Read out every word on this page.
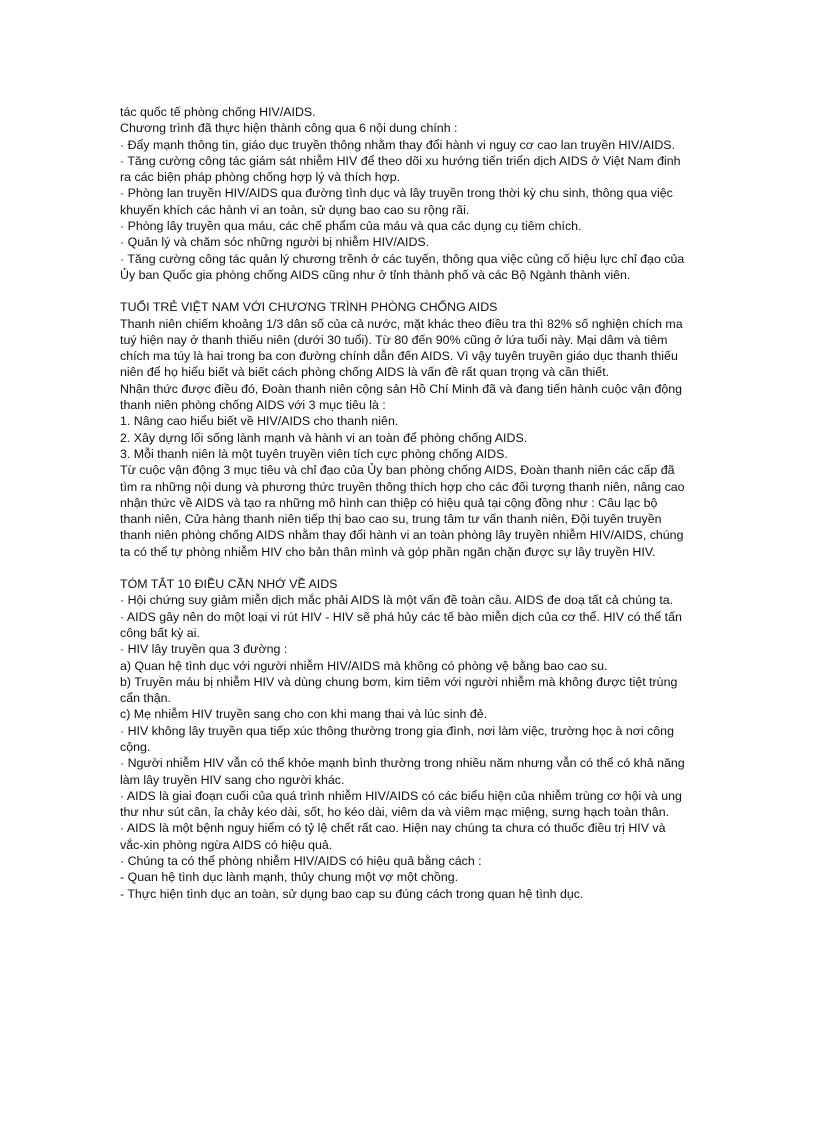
tác quốc tế phòng chống HIV/AIDS.

Chương trình đã thực hiện thành công qua 6 nội dung chính :

· Đẩy mạnh thông tin, giáo dục truyền thông nhằm thay đổi hành vi nguy cơ cao lan truyền HIV/AIDS.

· Tăng cường công tác giám sát nhiễm HIV để theo dõi xu hướng tiến triển dịch AIDS ở Việt Nam đinh ra các biện pháp phòng chống hợp lý và thích hợp.

· Phòng lan truyền HIV/AIDS qua đường tình dục và lây truyền trong thời kỳ chu sinh, thông qua việc khuyến khích các hành vi an toàn, sử dụng bao cao su rộng rãi.

· Phòng lây truyền qua máu, các chế phẩm của máu và qua các dụng cụ tiêm chích.

· Quản lý và chăm sóc những người bị nhiễm HIV/AIDS.

· Tăng cường công tác quản lý chương trềnh ở các tuyến, thông qua việc củng cố hiệu lực chỉ đạo của Ủy ban Quốc gia phòng chống AIDS cũng như ở tỉnh thành phố và các Bộ Ngành thành viên.

TUỔI TRẺ VIỆT NAM VỚI CHƯƠNG TRÌNH PHÒNG CHỐNG AIDS

Thanh niên chiếm khoảng 1/3 dân số của cả nước, mặt khác theo điều tra thì 82% số nghiện chích ma tuý hiện nay ở thanh thiếu niên (dưới 30 tuổi). Từ 80 đến 90% cũng ở lứa tuổi này. Mại dâm và tiêm chích ma túy là hai trong ba con đường chính dẫn đến AIDS. Vì vậy tuyên truyền giáo dục thanh thiếu niên để họ hiểu biết và biết cách phòng chống AIDS là vấn đề rất quan trọng và cần thiết.

Nhận thức được điều đó, Đoàn thanh niên cộng sản Hồ Chí Minh đã và đang tiến hành cuộc vận động thanh niên phòng chống AIDS với 3 mục tiêu là :

1. Nâng cao hiểu biết về HIV/AIDS cho thanh niên.

2. Xây dựng lối sống lành mạnh và hành vi an toàn để phòng chống AIDS.

3. Mỗi thanh niên là một tuyên truyền viên tích cực phòng chống AIDS.

Từ cuộc vận động 3 mục tiêu và chỉ đạo của Ủy ban phòng chống AIDS, Đoàn thanh niên các cấp đã tìm ra những nội dung và phương thức truyền thông thích hợp cho các đối tượng thanh niên, nâng cao nhận thức về AIDS và tạo ra những mô hình can thiệp có hiệu quả tại cộng đồng như : Câu lạc bộ thanh niên, Cửa hàng thanh niên tiếp thị bao cao su, trung tâm tư vấn thanh niên, Đội tuyên truyền thanh niên phòng chống AIDS nhằm thay đổi hành vi an toàn phòng lây truyền nhiễm HIV/AIDS, chúng ta có thể tự phòng nhiễm HIV cho bản thân mình và góp phần ngăn chặn được sự lây truyền HIV.

TÓM TẮT 10 ĐIỀU CẦN NHỚ VỀ AIDS

· Hội chứng suy giảm miễn dịch mắc phải AIDS là một vấn đề toàn cầu. AIDS đe doạ tất cả chúng ta.

· AIDS gây nên do một loại vi rút HIV - HIV sẽ phá hủy các tế bào miễn dịch của cơ thể. HIV có thể tấn công bất kỳ ai.

· HIV lây truyền qua 3 đường :

a) Quan hệ tình dục với người nhiễm HIV/AIDS mà không có phòng vệ bằng bao cao su.

b) Truyền máu bị nhiễm HIV và dùng chung bơm, kim tiêm với người nhiễm mà không được tiệt trùng cẩn thận.

c) Mẹ nhiễm HIV truyền sang cho con khi mang thai và lúc sinh đẻ.

· HIV không lây truyền qua tiếp xúc thông thường trong gia đình, nơi làm việc, trường học à nơi công cộng.

· Người nhiễm HIV vẫn có thể khỏe mạnh bình thường trong nhiều năm nhưng vẫn có thể có khả năng làm lây truyền HIV sang cho người khác.

· AIDS là giai đoạn cuối của quá trình nhiễm HIV/AIDS có các biểu hiện của nhiễm trùng cơ hội và ung thư như sút cân, ỉa chảy kéo dài, sốt, ho kéo dài, viêm da và viêm mạc miệng, sưng hạch toàn thân.

· AIDS là một bệnh nguy hiểm có tỷ lệ chết rất cao. Hiện nay chúng ta chưa có thuốc điều trị HIV và vắc-xin phòng ngừa AIDS có hiệu quả.

· Chúng ta có thể phòng nhiễm HIV/AIDS có hiệu quả bằng cách :

- Quan hệ tình dục lành mạnh, thủy chung một vợ một chồng.

- Thực hiện tình dục an toàn, sử dụng bao cap su đúng cách trong quan hệ tình dục.
